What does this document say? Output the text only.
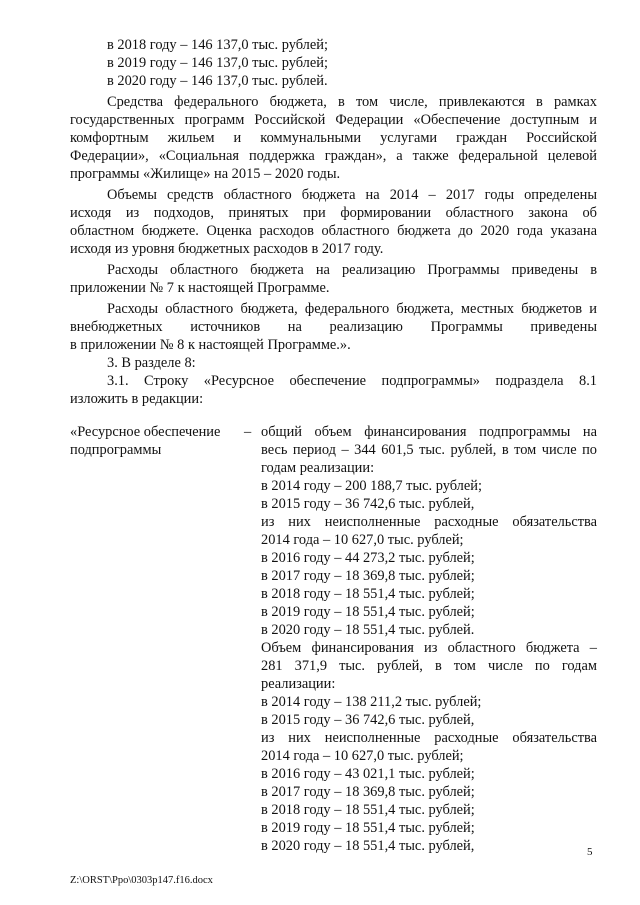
в 2018 году – 146 137,0 тыс. рублей;
в 2019 году – 146 137,0 тыс. рублей;
в 2020 году – 146 137,0 тыс. рублей.
Средства федерального бюджета, в том числе, привлекаются в рамках
государственных программ Российской Федерации «Обеспечение доступным и
комфортным жильем и коммунальными услугами граждан Российской
Федерации», «Социальная поддержка граждан», а также федеральной целевой
программы «Жилище» на 2015 – 2020 годы.
Объемы средств областного бюджета на 2014 – 2017 годы определены
исходя из подходов, принятых при формировании областного закона об
областном бюджете. Оценка расходов областного бюджета до 2020 года указана
исходя из уровня бюджетных расходов в 2017 году.
Расходы областного бюджета на реализацию Программы приведены в
приложении № 7 к настоящей Программе.
Расходы областного бюджета, федерального бюджета, местных бюджетов и
внебюджетных источников на реализацию Программы приведены
в приложении № 8 к настоящей Программе.».
3. В разделе 8:
3.1. Строку «Ресурсное обеспечение подпрограммы» подраздела 8.1
изложить в редакции:
«Ресурсное обеспечение
подпрограммы
– общий объем финансирования подпрограммы на
весь период – 344 601,5 тыс. рублей, в том числе по
годам реализации:
в 2014 году – 200 188,7 тыс. рублей;
в 2015 году – 36 742,6 тыс. рублей,
из них неисполненные расходные обязательства
2014 года – 10 627,0 тыс. рублей;
в 2016 году – 44 273,2 тыс. рублей;
в 2017 году – 18 369,8 тыс. рублей;
в 2018 году – 18 551,4 тыс. рублей;
в 2019 году – 18 551,4 тыс. рублей;
в 2020 году – 18 551,4 тыс. рублей.
Объем финансирования из областного бюджета –
281 371,9 тыс. рублей, в том числе по годам
реализации:
в 2014 году – 138 211,2 тыс. рублей;
в 2015 году – 36 742,6 тыс. рублей,
из них неисполненные расходные обязательства
2014 года – 10 627,0 тыс. рублей;
в 2016 году – 43 021,1 тыс. рублей;
в 2017 году – 18 369,8 тыс. рублей;
в 2018 году – 18 551,4 тыс. рублей;
в 2019 году – 18 551,4 тыс. рублей;
в 2020 году – 18 551,4 тыс. рублей,	5
Z:\ORST\Ppo\0303p147.f16.docx
